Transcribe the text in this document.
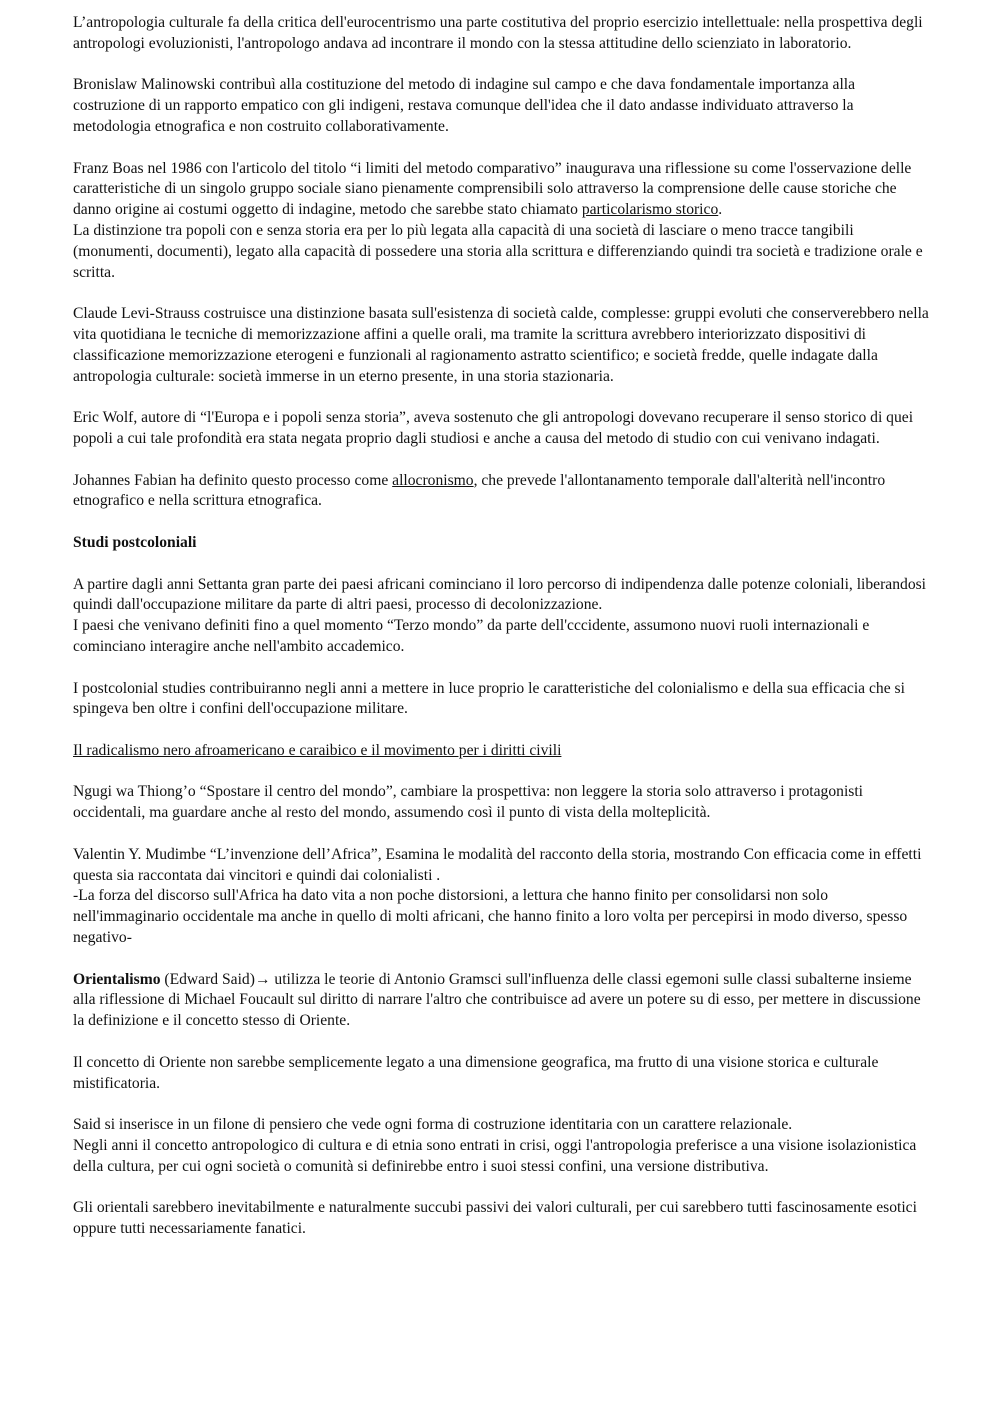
L’antropologia culturale fa della critica dell'eurocentrismo una parte costitutiva del proprio esercizio intellettuale: nella prospettiva degli antropologi evoluzionisti, l'antropologo andava ad incontrare il mondo con la stessa attitudine dello scienziato in laboratorio.

Bronislaw Malinowski contribuì alla costituzione del metodo di indagine sul campo e che dava fondamentale importanza alla costruzione di un rapporto empatico con gli indigeni, restava comunque dell'idea che il dato andasse individuato attraverso la metodologia etnografica e non costruito collaborativamente.

Franz Boas nel 1986 con l'articolo del titolo “i limiti del metodo comparativo” inaugurava una riflessione su come l'osservazione delle caratteristiche di un singolo gruppo sociale siano pienamente comprensibili solo attraverso la comprensione delle cause storiche che danno origine ai costumi oggetto di indagine, metodo che sarebbe stato chiamato particolarismo storico.

La distinzione tra popoli con e senza storia era per lo più legata alla capacità di una società di lasciare o meno tracce tangibili (monumenti, documenti), legato alla capacità di possedere una storia alla scrittura e differenziando quindi tra società e tradizione orale e scritta.

Claude Levi-Strauss costruisce una distinzione basata sull'esistenza di società calde, complesse: gruppi evoluti che conserverebbero nella vita quotidiana le tecniche di memorizzazione affini a quelle orali, ma tramite la scrittura avrebbero interiorizzato dispositivi di classificazione memorizzazione eterogeni e funzionali al ragionamento astratto scientifico; e società fredde, quelle indagate dalla antropologia culturale: società immerse in un eterno presente, in una storia stazionaria.

Eric Wolf, autore di “l'Europa e i popoli senza storia”, aveva sostenuto che gli antropologi dovevano recuperare il senso storico di quei popoli a cui tale profondità era stata negata proprio dagli studiosi e anche a causa del metodo di studio con cui venivano indagati.

Johannes Fabian ha definito questo processo come allocronismo, che prevede l'allontanamento temporale dall'alterità nell'incontro etnografico e nella scrittura etnografica.

Studi postcoloniali

A partire dagli anni Settanta gran parte dei paesi africani cominciano il loro percorso di indipendenza dalle potenze coloniali, liberandosi quindi dall'occupazione militare da parte di altri paesi, processo di decolonizzazione.
I paesi che venivano definiti fino a quel momento “Terzo mondo” da parte dell'cccidente, assumono nuovi ruoli internazionali e cominciano interagire anche nell'ambito accademico.

I postcolonial studies contribuiranno negli anni a mettere in luce proprio le caratteristiche del colonialismo e della sua efficacia che si spingeva ben oltre i confini dell'occupazione militare.

Il radicalismo nero afroamericano e caraibico e il movimento per i diritti civili

Ngugi wa Thiong’o “Spostare il centro del mondo”, cambiare la prospettiva: non leggere la storia solo attraverso i protagonisti occidentali, ma guardare anche al resto del mondo, assumendo così il punto di vista della molteplicità.

Valentin Y. Mudimbe “L’invenzione dell’Africa”, Esamina le modalità del racconto della storia, mostrando Con efficacia come in effetti questa sia raccontata dai vincitori e quindi dai colonialisti .
-La forza del discorso sull'Africa ha dato vita a non poche distorsioni, a lettura che hanno finito per consolidarsi non solo nell'immaginario occidentale ma anche in quello di molti africani, che hanno finito a loro volta per percepirsi in modo diverso, spesso negativo-

Orientalismo (Edward Said)→ utilizza le teorie di Antonio Gramsci sull'influenza delle classi egemoni sulle classi subalterne insieme alla riflessione di Michael Foucault sul diritto di narrare l'altro che contribuisce ad avere un potere su di esso, per mettere in discussione la definizione e il concetto stesso di Oriente.

Il concetto di Oriente non sarebbe semplicemente legato a una dimensione geografica, ma frutto di una visione storica e culturale mistificatoria.

Said si inserisce in un filone di pensiero che vede ogni forma di costruzione identitaria con un carattere relazionale.
Negli anni il concetto antropologico di cultura e di etnia sono entrati in crisi, oggi l'antropologia preferisce a una visione isolazionistica della cultura, per cui ogni società o comunità si definirebbe entro i suoi stessi confini, una versione distributiva.

Gli orientali sarebbero inevitabilmente e naturalmente succubi passivi dei valori culturali, per cui sarebbero tutti fascinosamente esotici oppure tutti necessariamente fanatici.
